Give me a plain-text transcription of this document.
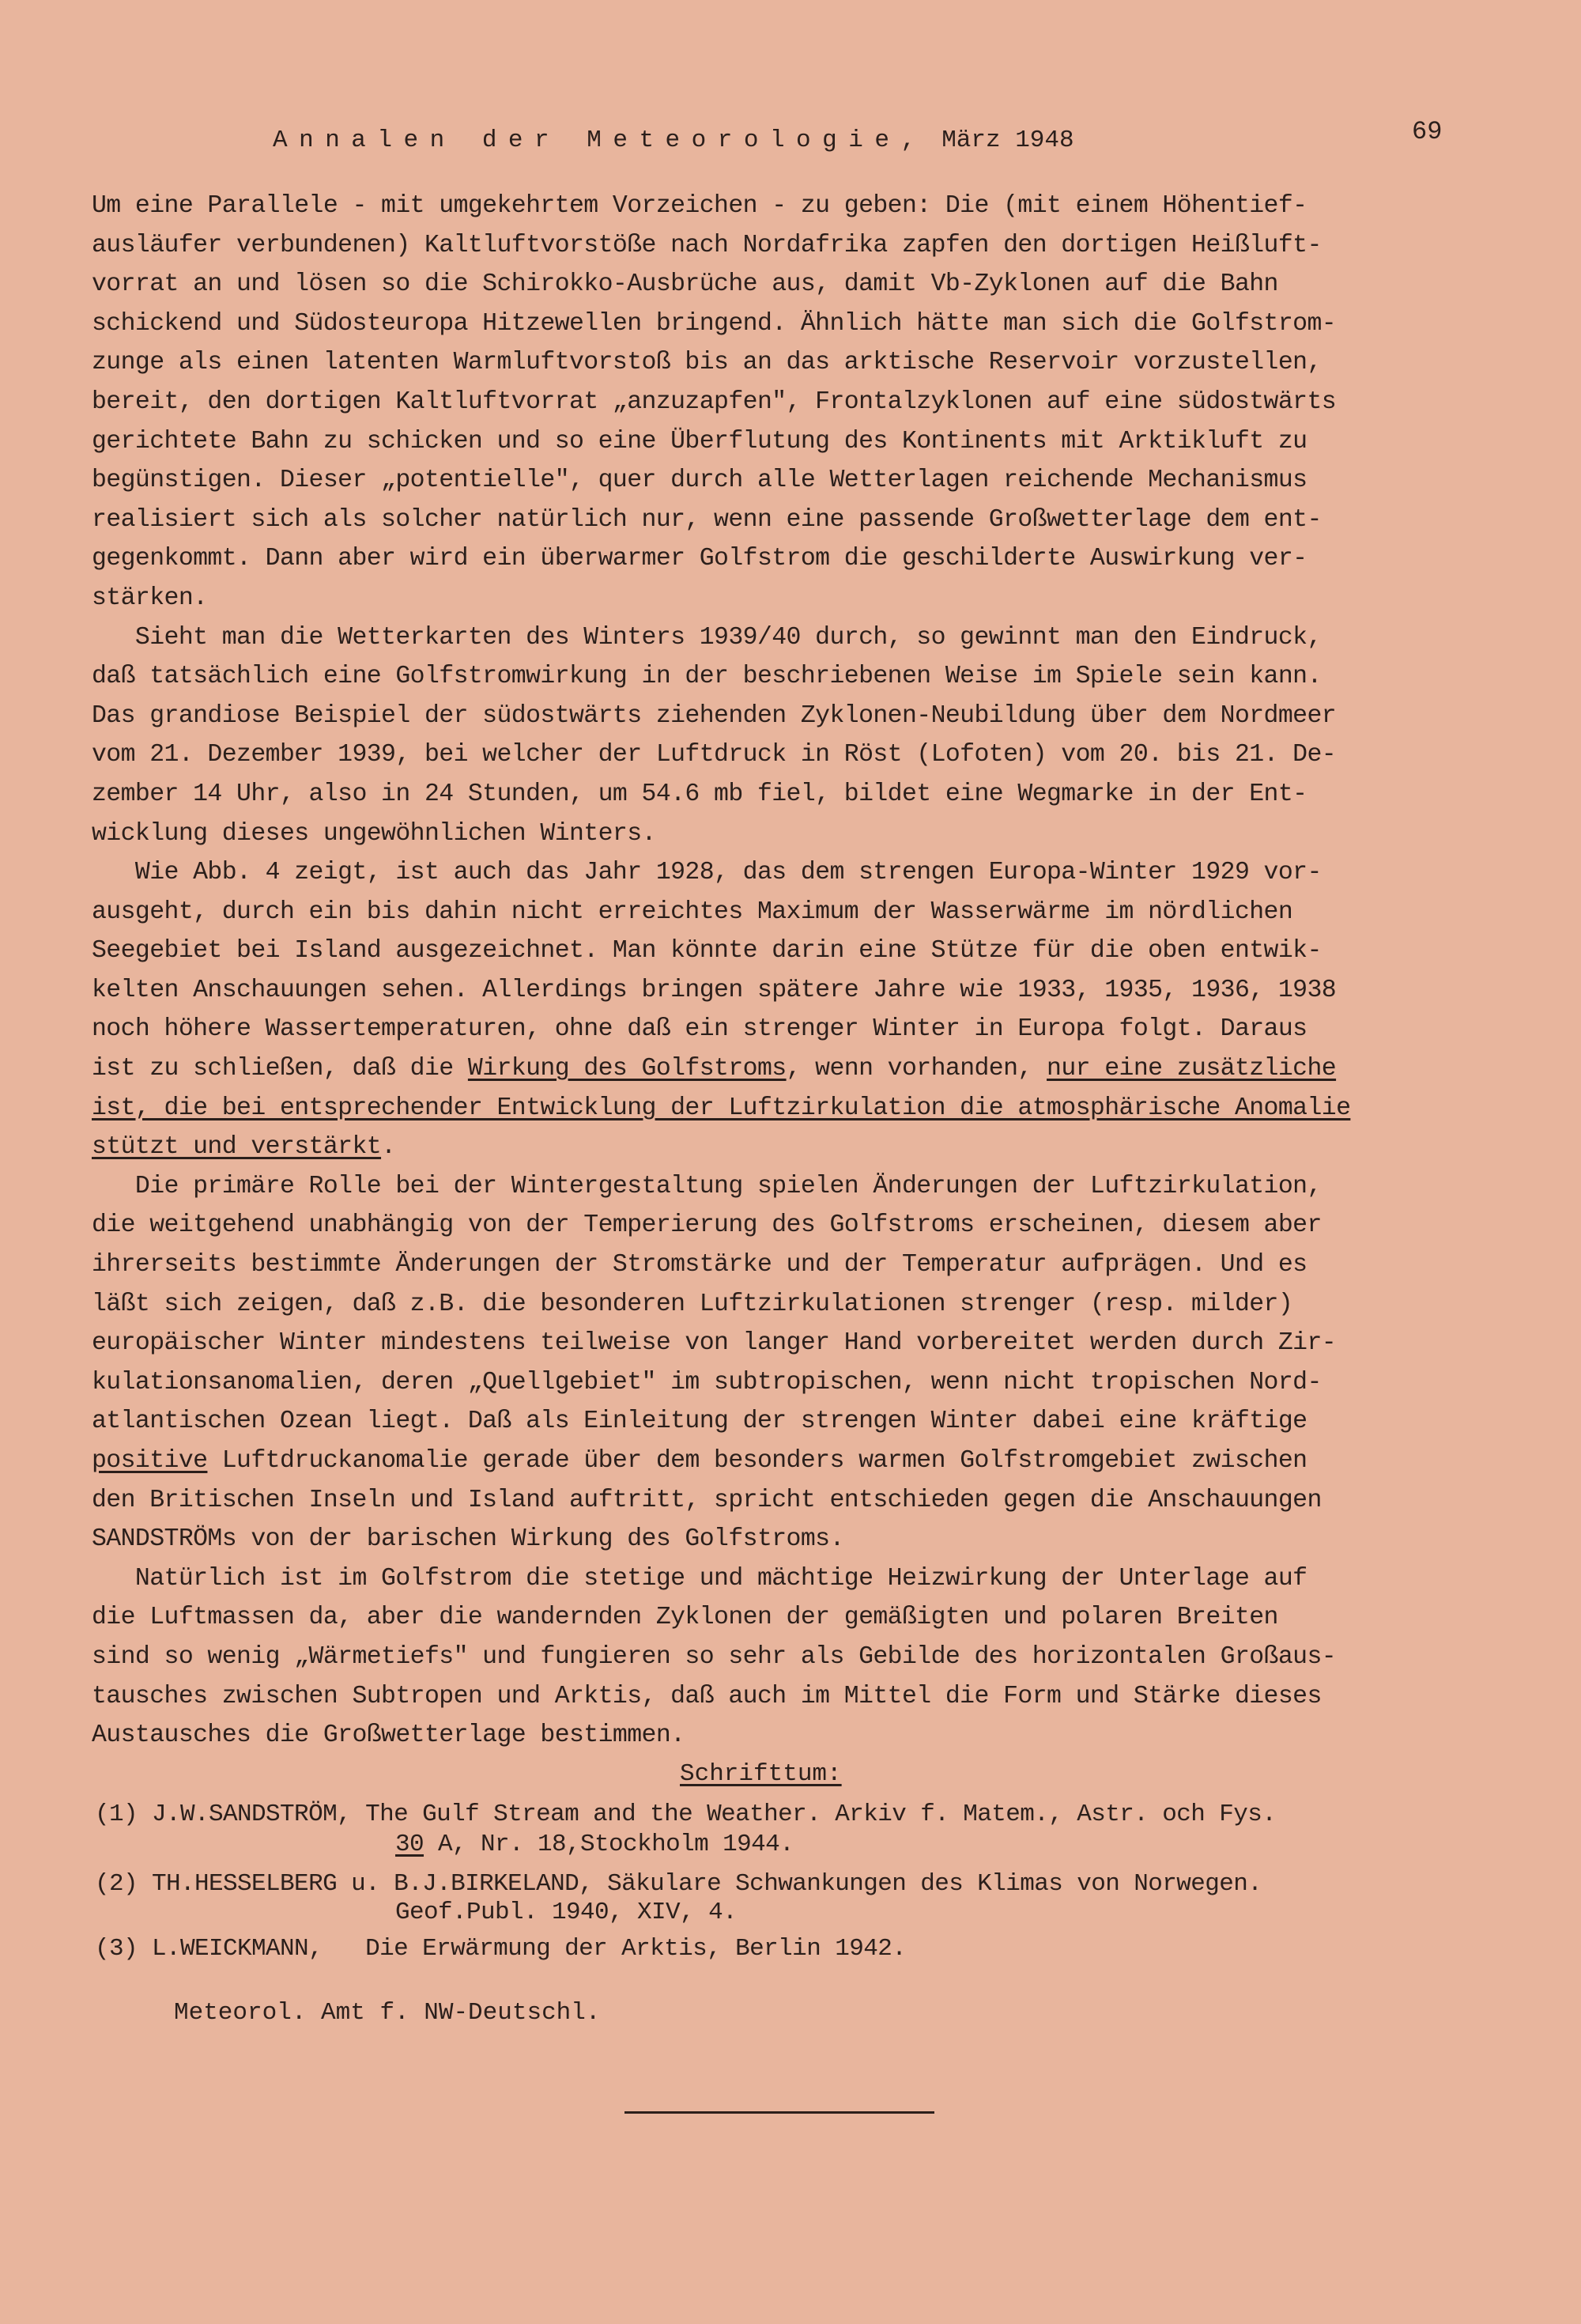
Annalen der Meteorologie, März 1948	69
Um eine Parallele - mit umgekehrtem Vorzeichen - zu geben: Die (mit einem Höhentief-
ausläufer verbundenen) Kaltluftvorstöße nach Nordafrika zapfen den dortigen Heißluft-
vorrat an und lösen so die Schirokko-Ausbrüche aus, damit Vb-Zyklonen auf die Bahn
schickend und Südosteuropa Hitzewellen bringend. Ähnlich hätte man sich die Golfstrom-
zunge als einen latenten Warmluftvorstoß bis an das arktische Reservoir vorzustellen,
bereit, den dortigen Kaltluftvorrat „anzuzapfen", Frontalzyklonen auf eine südostwärts
gerichtete Bahn zu schicken und so eine Überflutung des Kontinents mit Arktikluft zu
begünstigen. Dieser „potentielle", quer durch alle Wetterlagen reichende Mechanismus
realisiert sich als solcher natürlich nur, wenn eine passende Großwetterlage dem ent-
gegenkommt. Dann aber wird ein überwarmer Golfstrom die geschilderte Auswirkung ver-
stärken.
Sieht man die Wetterkarten des Winters 1939/40 durch, so gewinnt man den Eindruck,
daß tatsächlich eine Golfstromwirkung in der beschriebenen Weise im Spiele sein kann.
Das grandiose Beispiel der südostwärts ziehenden Zyklonen-Neubildung über dem Nordmeer
vom 21. Dezember 1939, bei welcher der Luftdruck in Röst (Lofoten) vom 20. bis 21. De-
zember 14 Uhr, also in 24 Stunden, um 54.6 mb fiel, bildet eine Wegmarke in der Ent-
wicklung dieses ungewöhnlichen Winters.
Wie Abb. 4 zeigt, ist auch das Jahr 1928, das dem strengen Europa-Winter 1929 vor-
ausgeht, durch ein bis dahin nicht erreichtes Maximum der Wasserwärme im nördlichen
Seegebiet bei Island ausgezeichnet. Man könnte darin eine Stütze für die oben entwik-
kelten Anschauungen sehen. Allerdings bringen spätere Jahre wie 1933, 1935, 1936, 1938
noch höhere Wassertemperaturen, ohne daß ein strenger Winter in Europa folgt. Daraus
ist zu schließen, daß die Wirkung des Golfstroms, wenn vorhanden, nur eine zusätzliche
ist, die bei entsprechender Entwicklung der Luftzirkulation die atmosphärische Anomalie
stützt und verstärkt.
Die primäre Rolle bei der Wintergestaltung spielen Änderungen der Luftzirkulation,
die weitgehend unabhängig von der Temperierung des Golfstroms erscheinen, diesem aber
ihrerseits bestimmte Änderungen der Stromstärke und der Temperatur aufprägen. Und es
läßt sich zeigen, daß z.B. die besonderen Luftzirkulationen strenger (resp. milder)
europäischer Winter mindestens teilweise von langer Hand vorbereitet werden durch Zir-
kulationsanomalien, deren „Quellgebiet" im subtropischen, wenn nicht tropischen Nord-
atlantischen Ozean liegt. Daß als Einleitung der strengen Winter dabei eine kräftige
positive Luftdruckanomalie gerade über dem besonders warmen Golfstromgebiet zwischen
den Britischen Inseln und Island auftritt, spricht entschieden gegen die Anschauungen
SANDSTRÖMs von der barischen Wirkung des Golfstroms.
Natürlich ist im Golfstrom die stetige und mächtige Heizwirkung der Unterlage auf
die Luftmassen da, aber die wandernden Zyklonen der gemäßigten und polaren Breiten
sind so wenig „Wärmetiefs" und fungieren so sehr als Gebilde des horizontalen Großaus-
tausches zwischen Subtropen und Arktis, daß auch im Mittel die Form und Stärke dieses
Austausches die Großwetterlage bestimmen.
Schrifttum:
(1) J.W.SANDSTRÖM, The Gulf Stream and the Weather. Arkiv f. Matem., Astr. och Fys.
30 A, Nr. 18,Stockholm 1944.
(2) TH.HESSELBERG u. B.J.BIRKELAND, Säkulare Schwankungen des Klimas von Norwegen.
Geof.Publ. 1940, XIV, 4.
(3) L.WEICKMANN, Die Erwärmung der Arktis, Berlin 1942.
Meteorol. Amt f. NW-Deutschl.
